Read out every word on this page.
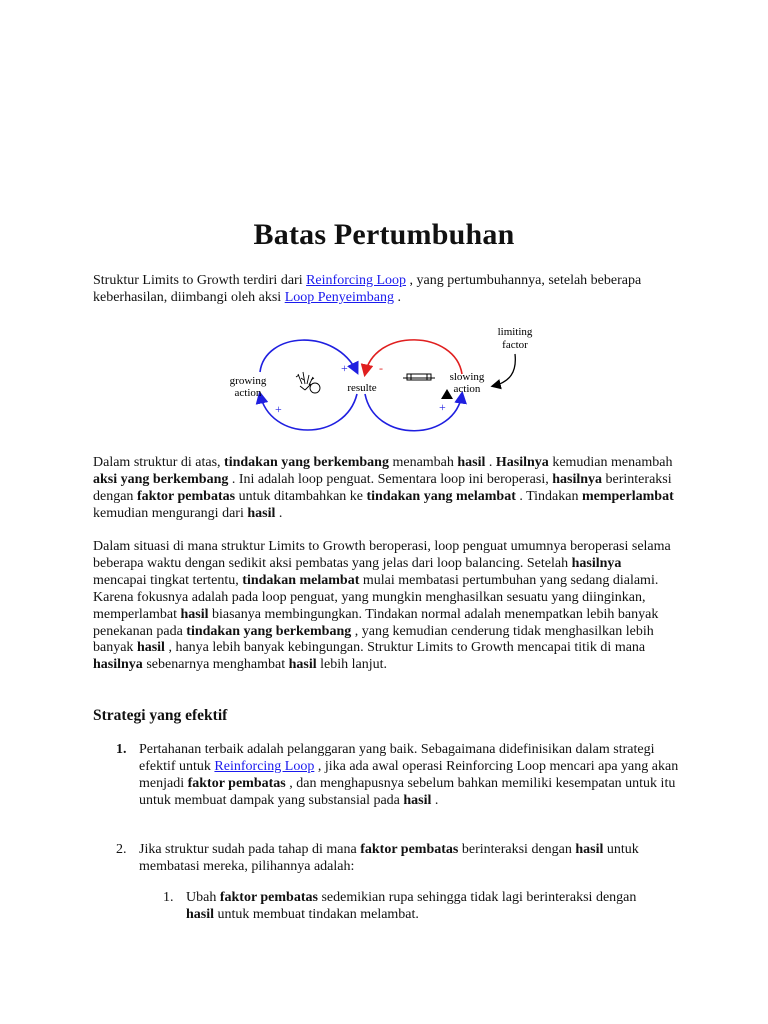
Batas Pertumbuhan

Struktur Limits to Growth terdiri dari Reinforcing Loop , yang pertumbuhannya, setelah beberapa keberhasilan, diimbangi oleh aksi Loop Penyeimbang .

limiting
factor
growing
action	resulte
slowing
action
+
+
-
+

Dalam struktur di atas, tindakan yang berkembang menambah hasil . Hasilnya kemudian menambah aksi yang berkembang . Ini adalah loop penguat. Sementara loop ini beroperasi, hasilnya berinteraksi dengan faktor pembatas untuk ditambahkan ke tindakan yang melambat . Tindakan memperlambat kemudian mengurangi dari hasil .

Dalam situasi di mana struktur Limits to Growth beroperasi, loop penguat umumnya beroperasi selama beberapa waktu dengan sedikit aksi pembatas yang jelas dari loop balancing. Setelah hasilnya mencapai tingkat tertentu, tindakan melambat mulai membatasi pertumbuhan yang sedang dialami. Karena fokusnya adalah pada loop penguat, yang mungkin menghasilkan sesuatu yang diinginkan, memperlambat hasil biasanya membingungkan. Tindakan normal adalah menempatkan lebih banyak penekanan pada tindakan yang berkembang , yang kemudian cenderung tidak menghasilkan lebih banyak hasil , hanya lebih banyak kebingungan. Struktur Limits to Growth mencapai titik di mana hasilnya sebenarnya menghambat hasil lebih lanjut.

Strategi yang efektif
1. Pertahanan terbaik adalah pelanggaran yang baik. Sebagaimana didefinisikan dalam strategi efektif untuk Reinforcing Loop , jika ada awal operasi Reinforcing Loop mencari apa yang akan menjadi faktor pembatas , dan menghapusnya sebelum bahkan memiliki kesempatan untuk itu untuk membuat dampak yang substansial pada hasil .

2. Jika struktur sudah pada tahap di mana faktor pembatas berinteraksi dengan hasil untuk membatasi mereka, pilihannya adalah:

1. Ubah faktor pembatas sedemikian rupa sehingga tidak lagi berinteraksi dengan hasil untuk membuat tindakan melambat.
